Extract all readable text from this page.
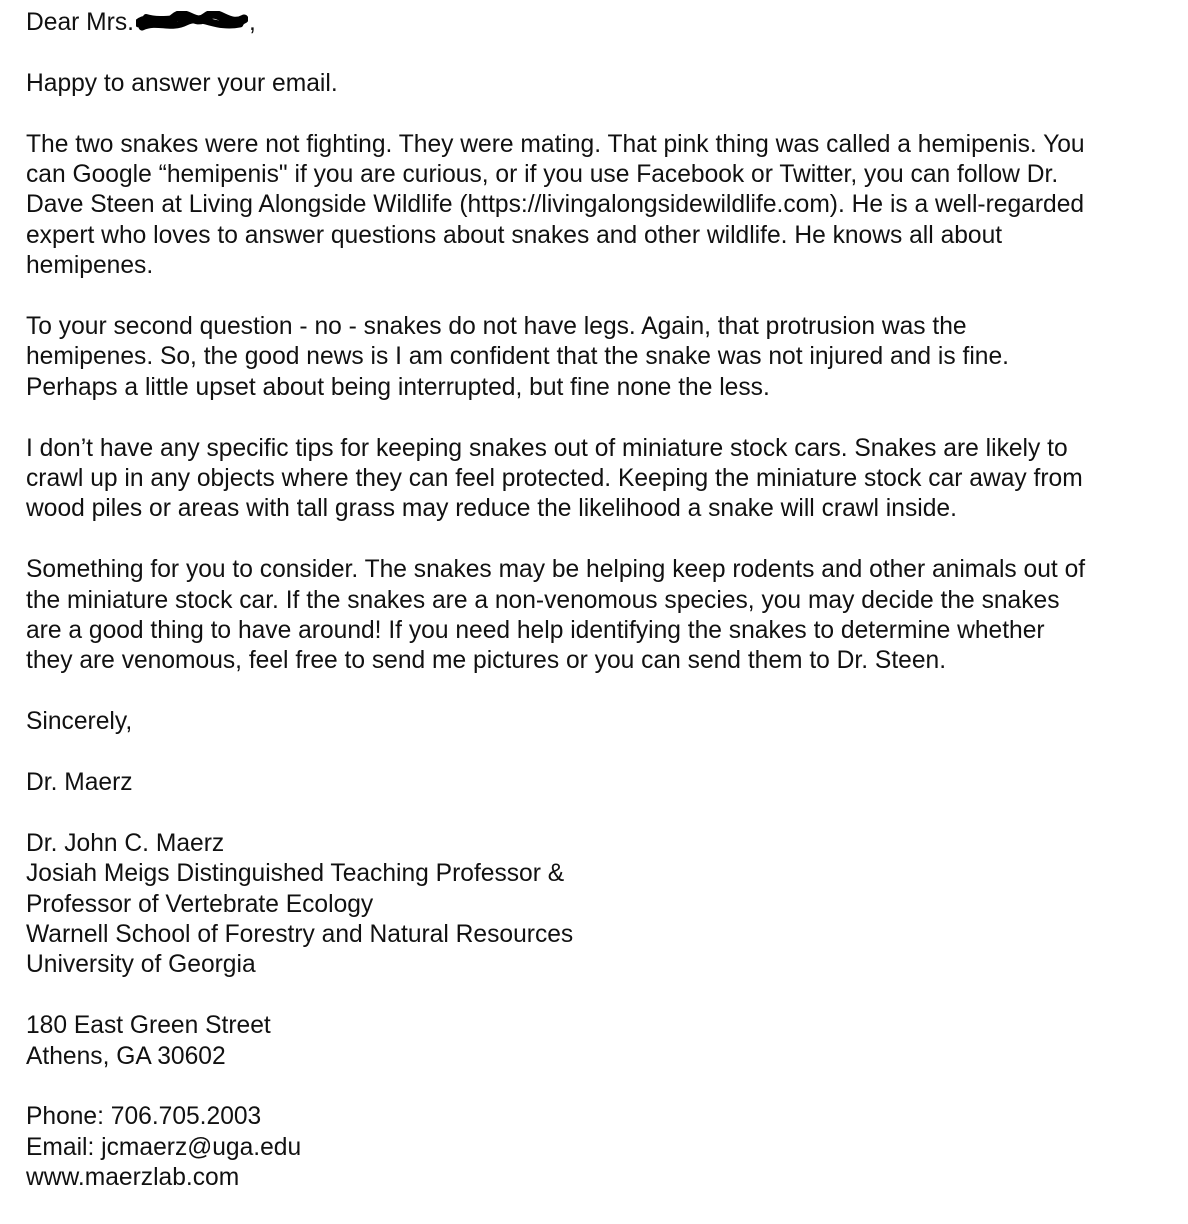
Dear Mrs.	,

Happy to answer your email.

The two snakes were not fighting. They were mating. That pink thing was called a hemipenis. You
can Google “hemipenis" if you are curious, or if you use Facebook or Twitter, you can follow Dr.
Dave Steen at Living Alongside Wildlife (https://livingalongsidewildlife.com). He is a well-regarded
expert who loves to answer questions about snakes and other wildlife. He knows all about
hemipenes.

To your second question - no - snakes do not have legs. Again, that protrusion was the
hemipenes. So, the good news is I am confident that the snake was not injured and is fine.
Perhaps a little upset about being interrupted, but fine none the less.

I don’t have any specific tips for keeping snakes out of miniature stock cars. Snakes are likely to
crawl up in any objects where they can feel protected. Keeping the miniature stock car away from
wood piles or areas with tall grass may reduce the likelihood a snake will crawl inside.

Something for you to consider. The snakes may be helping keep rodents and other animals out of
the miniature stock car. If the snakes are a non-venomous species, you may decide the snakes
are a good thing to have around! If you need help identifying the snakes to determine whether
they are venomous, feel free to send me pictures or you can send them to Dr. Steen.

Sincerely,

Dr. Maerz

Dr. John C. Maerz
Josiah Meigs Distinguished Teaching Professor &
Professor of Vertebrate Ecology
Warnell School of Forestry and Natural Resources
University of Georgia

180 East Green Street
Athens, GA 30602

Phone: 706.705.2003
Email: jcmaerz@uga.edu
www.maerzlab.com
